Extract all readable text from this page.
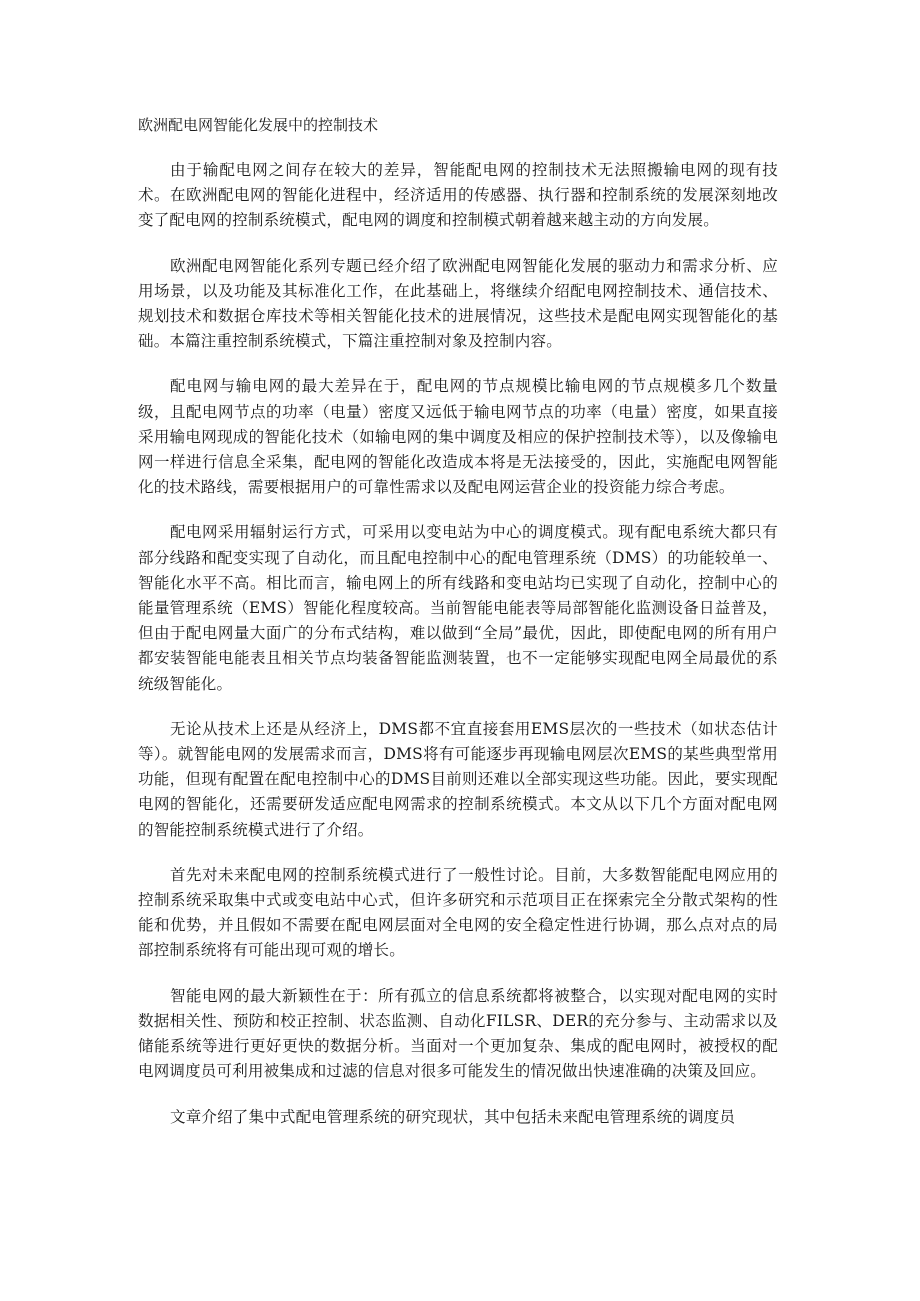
欧洲配电网智能化发展中的控制技术

由于输配电网之间存在较大的差异，智能配电网的控制技术无法照搬输电网的现有技术。在欧洲配电网的智能化进程中，经济适用的传感器、执行器和控制系统的发展深刻地改变了配电网的控制系统模式，配电网的调度和控制模式朝着越来越主动的方向发展。

欧洲配电网智能化系列专题已经介绍了欧洲配电网智能化发展的驱动力和需求分析、应用场景，以及功能及其标准化工作，在此基础上，将继续介绍配电网控制技术、通信技术、规划技术和数据仓库技术等相关智能化技术的进展情况，这些技术是配电网实现智能化的基础。本篇注重控制系统模式，下篇注重控制对象及控制内容。

配电网与输电网的最大差异在于，配电网的节点规模比输电网的节点规模多几个数量级，且配电网节点的功率（电量）密度又远低于输电网节点的功率（电量）密度，如果直接采用输电网现成的智能化技术（如输电网的集中调度及相应的保护控制技术等），以及像输电网一样进行信息全采集，配电网的智能化改造成本将是无法接受的，因此，实施配电网智能化的技术路线，需要根据用户的可靠性需求以及配电网运营企业的投资能力综合考虑。

配电网采用辐射运行方式，可采用以变电站为中心的调度模式。现有配电系统大都只有部分线路和配变实现了自动化，而且配电控制中心的配电管理系统（DMS）的功能较单一、智能化水平不高。相比而言，输电网上的所有线路和变电站均已实现了自动化，控制中心的能量管理系统（EMS）智能化程度较高。当前智能电能表等局部智能化监测设备日益普及，但由于配电网量大面广的分布式结构，难以做到“全局”最优，因此，即使配电网的所有用户都安装智能电能表且相关节点均装备智能监测装置，也不一定能够实现配电网全局最优的系统级智能化。

无论从技术上还是从经济上，DMS都不宜直接套用EMS层次的一些技术（如状态估计等）。就智能电网的发展需求而言，DMS将有可能逐步再现输电网层次EMS的某些典型常用功能，但现有配置在配电控制中心的DMS目前则还难以全部实现这些功能。因此，要实现配电网的智能化，还需要研发适应配电网需求的控制系统模式。本文从以下几个方面对配电网的智能控制系统模式进行了介绍。

首先对未来配电网的控制系统模式进行了一般性讨论。目前，大多数智能配电网应用的控制系统采取集中式或变电站中心式，但许多研究和示范项目正在探索完全分散式架构的性能和优势，并且假如不需要在配电网层面对全电网的安全稳定性进行协调，那么点对点的局部控制系统将有可能出现可观的增长。

智能电网的最大新颖性在于：所有孤立的信息系统都将被整合，以实现对配电网的实时数据相关性、预防和校正控制、状态监测、自动化FILSR、DER的充分参与、主动需求以及储能系统等进行更好更快的数据分析。当面对一个更加复杂、集成的配电网时，被授权的配电网调度员可利用被集成和过滤的信息对很多可能发生的情况做出快速准确的决策及回应。

文章介绍了集中式配电管理系统的研究现状，其中包括未来配电管理系统的调度员
